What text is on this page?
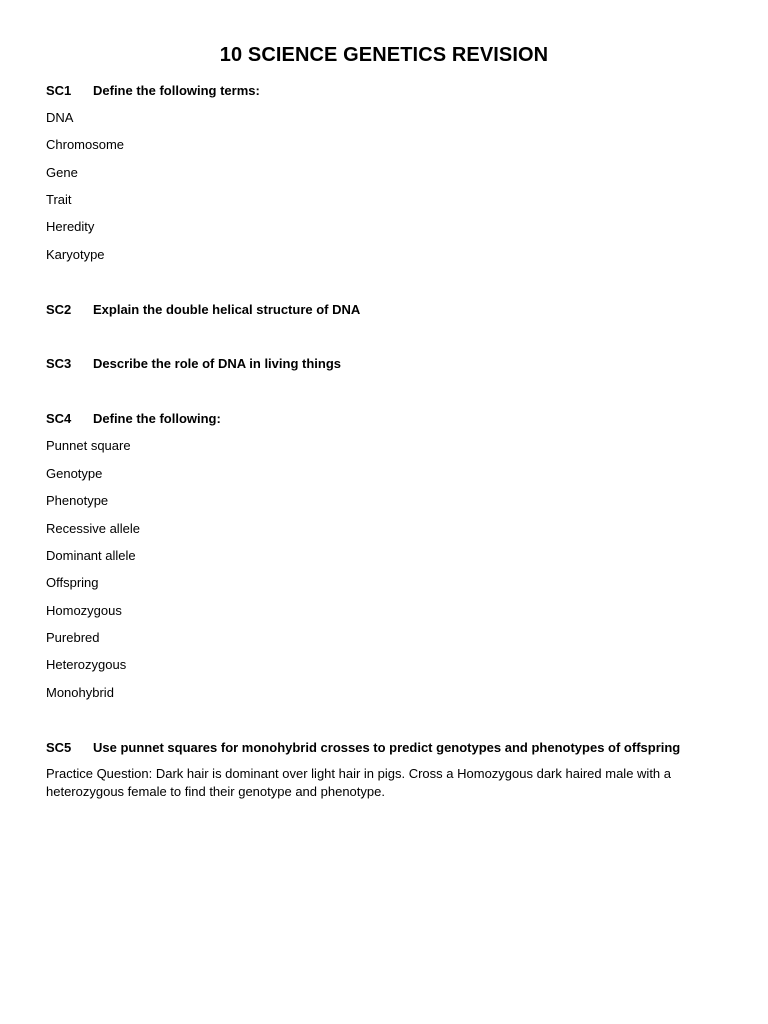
10 SCIENCE GENETICS REVISION
SC1 Define the following terms:
DNA
Chromosome
Gene
Trait
Heredity
Karyotype
SC2 Explain the double helical structure of DNA
SC3 Describe the role of DNA in living things
SC4 Define the following:
Punnet square
Genotype
Phenotype
Recessive allele
Dominant allele
Offspring
Homozygous
Purebred
Heterozygous
Monohybrid
SC5 Use punnet squares for monohybrid crosses to predict genotypes and phenotypes of offspring
Practice Question: Dark hair is dominant over light hair in pigs. Cross a Homozygous dark haired male with a heterozygous female to find their genotype and phenotype.
